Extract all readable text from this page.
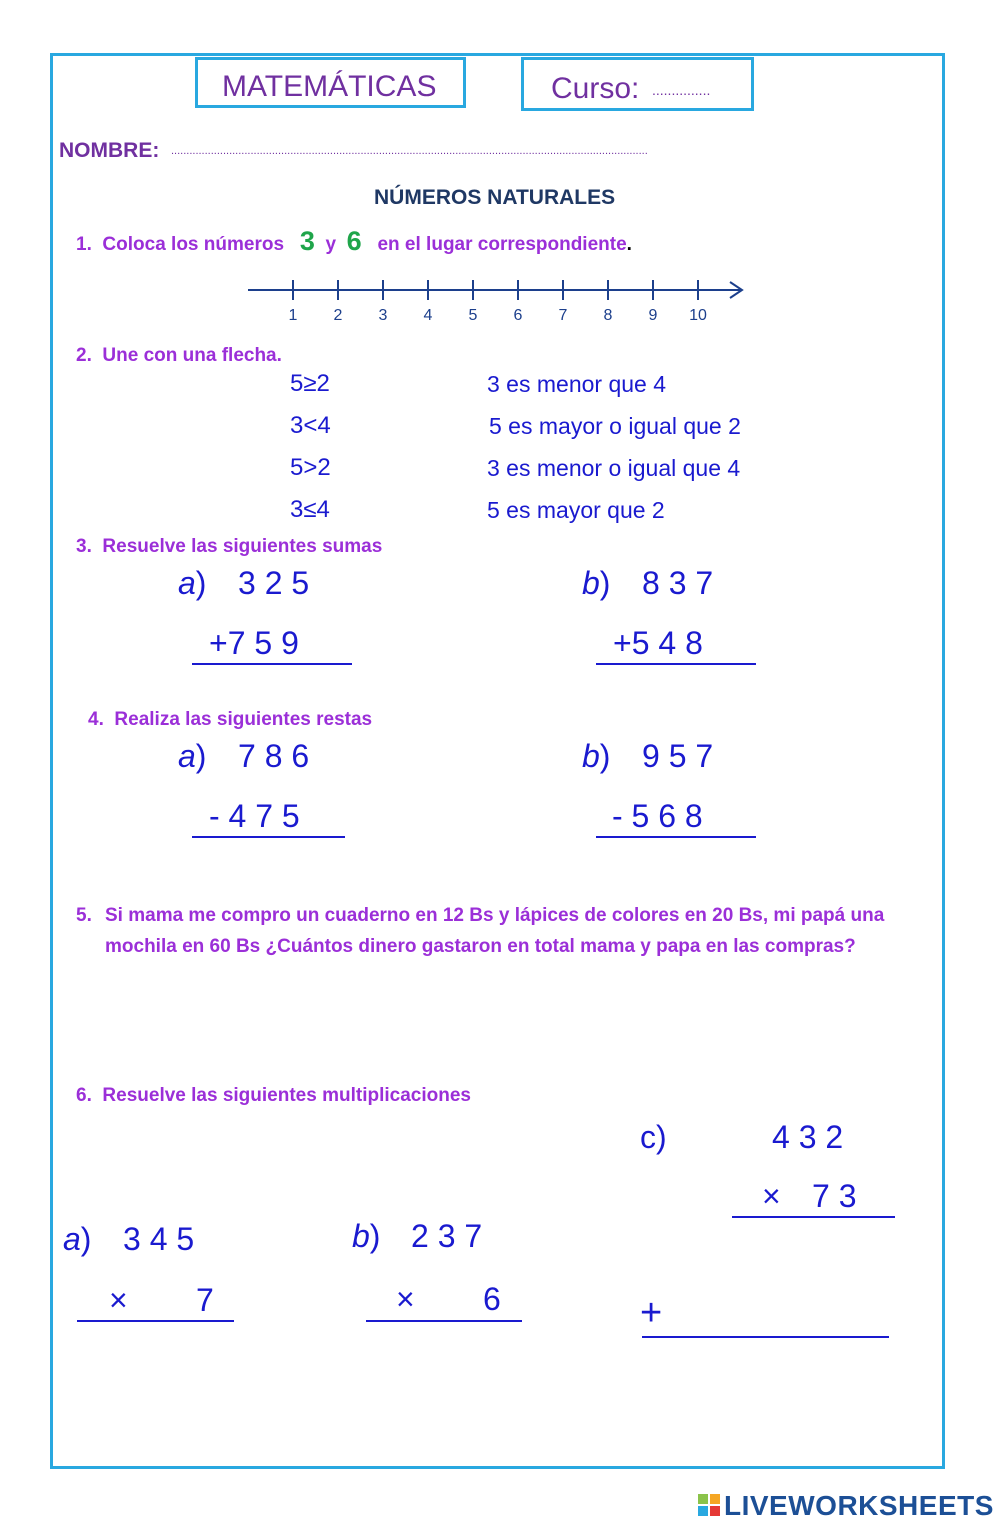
MATEMÁTICAS	Curso: ...............
NOMBRE: ............................................................................................................................................................
NÚMEROS NATURALES
1. Coloca los números 3 y 6 en el lugar correspondiente.
1 2 3 4 5 6 7 8 9 10
2. Une con una flecha.
5≥2
3<4
5>2
3≤4
3 es menor que 4
5 es mayor o igual que 2
3 es menor o igual que 4
5 es mayor que 2
3. Resuelve las siguientes sumas
a) 3 2 5
+7 5 9
b) 8 3 7
+5 4 8
4. Realiza las siguientes restas
a) 7 8 6
- 4 7 5
b) 9 5 7
- 5 6 8
5. Si mama me compro un cuaderno en 12 Bs y lápices de colores en 20 Bs, mi papá una
mochila en 60 Bs ¿Cuántos dinero gastaron en total mama y papa en las compras?
6. Resuelve las siguientes multiplicaciones
a) 3 4 5
× 7
b) 2 3 7
× 6
c)	4 3 2
× 7 3
+
LIVEWORKSHEETS
